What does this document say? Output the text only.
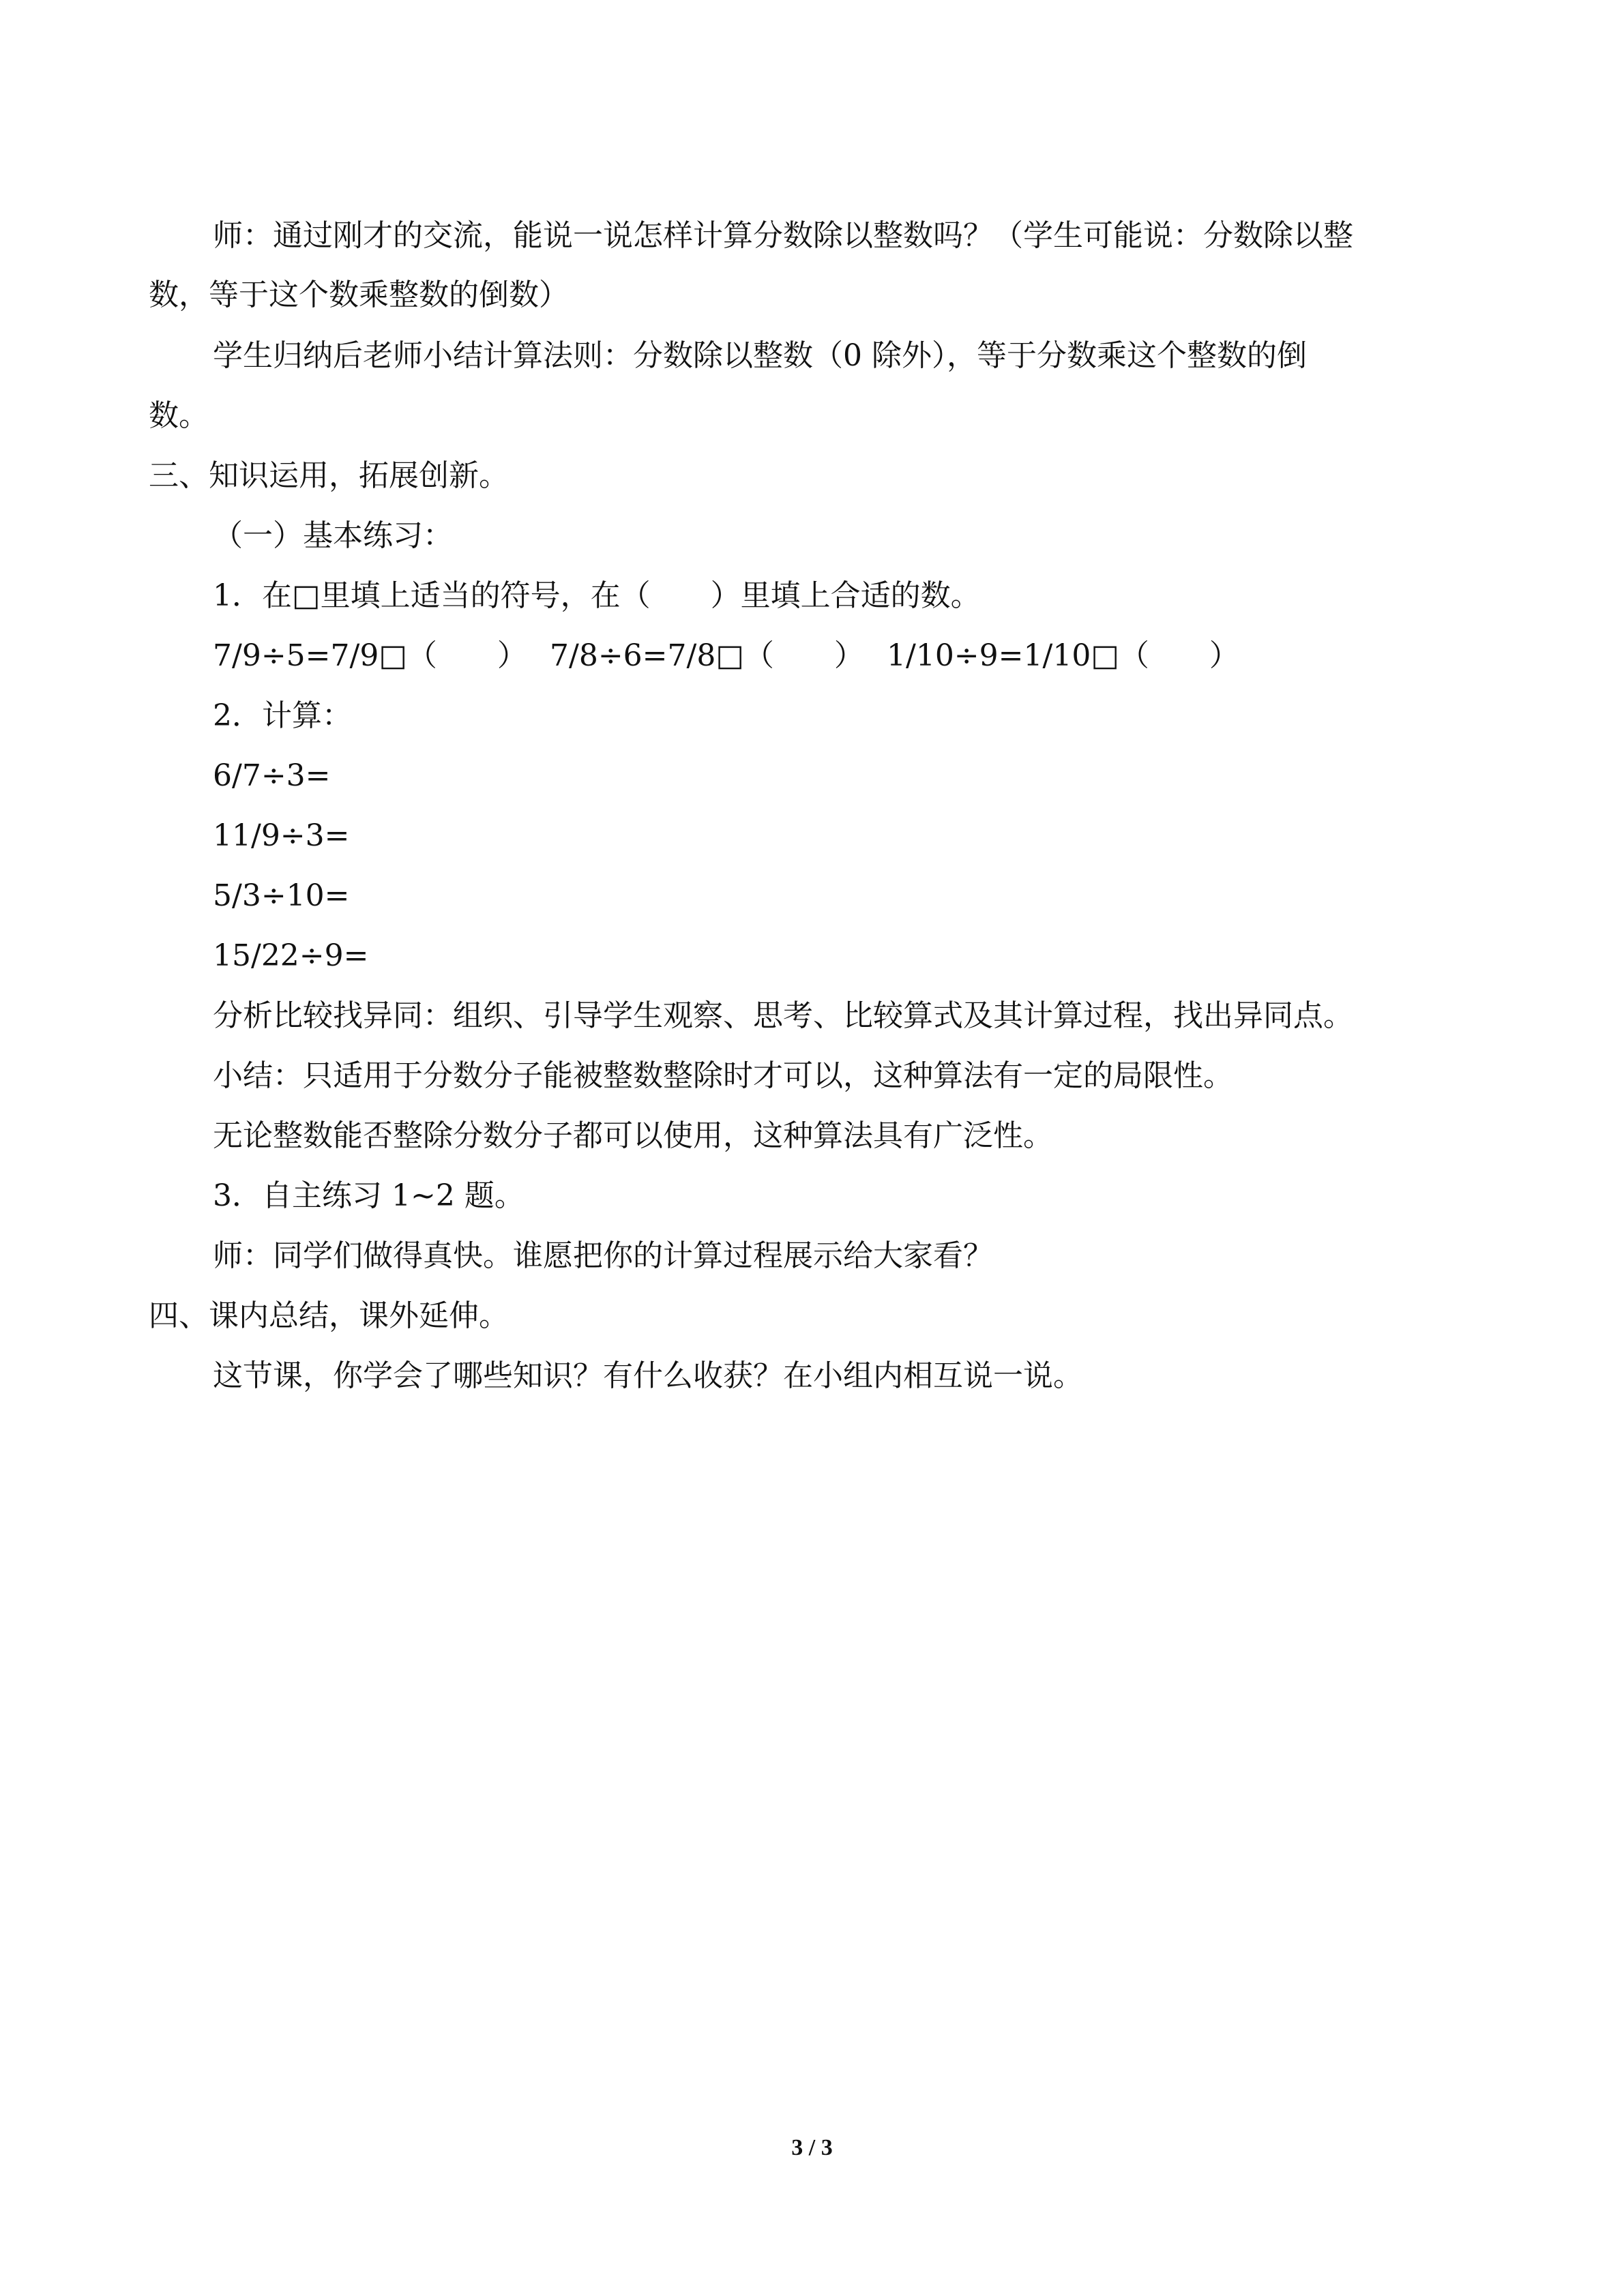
师：通过刚才的交流，能说一说怎样计算分数除以整数吗？（学生可能说：分数除以整
数，等于这个数乘整数的倒数）
学生归纳后老师小结计算法则：分数除以整数（0 除外），等于分数乘这个整数的倒
数。
三、知识运用，拓展创新。
（一）基本练习：
1．在□里填上适当的符号，在（　　）里填上合适的数。
7/9÷5=7/9□（　　） 7/8÷6=7/8□（　　） 1/10÷9=1/10□（　　）
2．计算：
6/7÷3=
11/9÷3=
5/3÷10=
15/22÷9=
分析比较找异同：组织、引导学生观察、思考、比较算式及其计算过程，找出异同点。
小结：只适用于分数分子能被整数整除时才可以，这种算法有一定的局限性。
无论整数能否整除分数分子都可以使用，这种算法具有广泛性。
3．自主练习 1~2 题。
师：同学们做得真快。谁愿把你的计算过程展示给大家看？
四、课内总结，课外延伸。
这节课，你学会了哪些知识？有什么收获？在小组内相互说一说。
3 / 3
